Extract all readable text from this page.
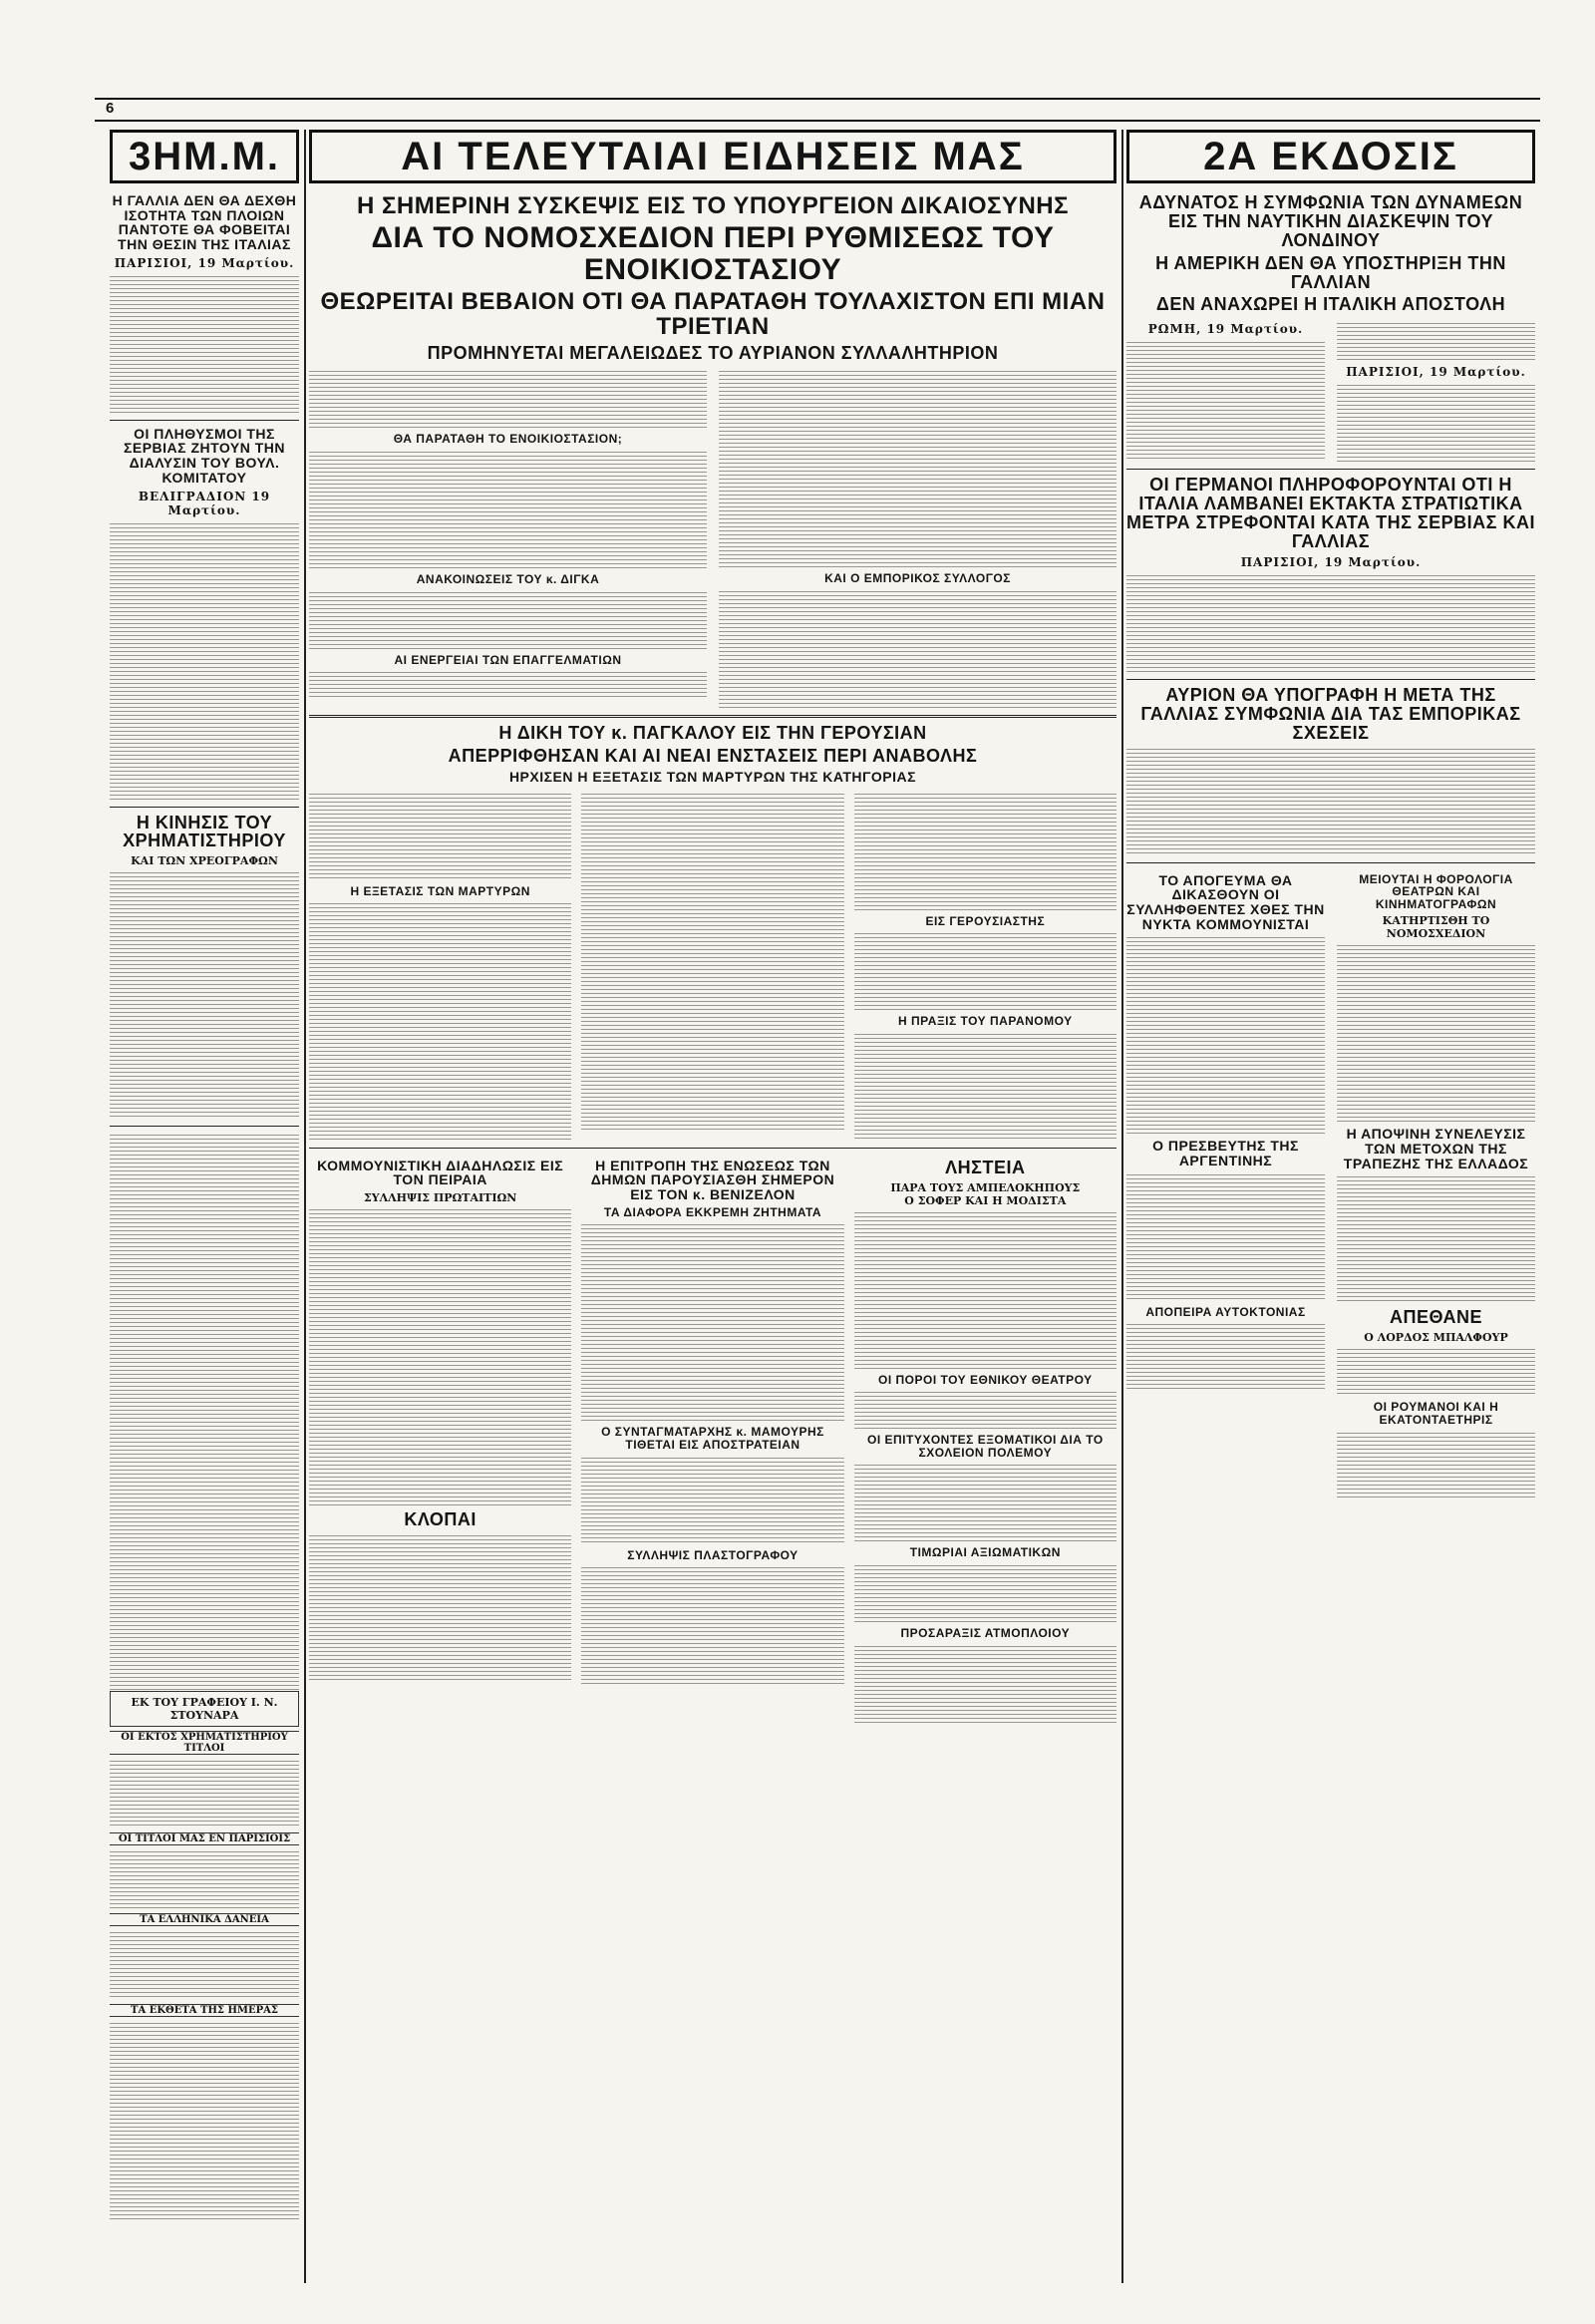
6
3ΗΜ.Μ.
Η ΓΑΛΛΙΑ ΔΕΝ ΘΑ ΔΕΧΘΗ ΙΣΟΤΗΤΑ ΤΩΝ ΠΛΟΙΩΝ ΠΑΝΤΟΤΕ ΘΑ ΦΟΒΕΙΤΑΙ ΤΗΝ ΘΕΣΙΝ ΤΗΣ ΙΤΑΛΙΑΣ
ΠΑΡΙΣΙΟΙ, 19 Μαρτίου.
ΟΙ ΠΛΗΘΥΣΜΟΙ ΤΗΣ ΣΕΡΒΙΑΣ ΖΗΤΟΥΝ ΤΗΝ ΔΙΑΛΥΣΙΝ ΤΟΥ ΒΟΥΛ. ΚΟΜΙΤΑΤΟΥ
ΒΕΛΙΓΡΑΔΙΟΝ 19 Μαρτίου.
Η ΚΙΝΗΣΙΣ ΤΟΥ ΧΡΗΜΑΤΙΣΤΗΡΙΟΥ
ΚΑΙ ΤΩΝ ΧΡΕΟΓΡΑΦΩΝ
ΕΚ ΤΟΥ ΓΡΑΦΕΙΟΥ Ι. Ν. ΣΤΟΥΝΑΡΑ
ΟΙ ΕΚΤΟΣ ΧΡΗΜΑΤΙΣΤΗΡΙΟΥ ΤΙΤΛΟΙ
ΟΙ ΤΙΤΛΟΙ ΜΑΣ ΕΝ ΠΑΡΙΣΙΟΙΣ
ΤΑ ΕΛΛΗΝΙΚΑ ΔΑΝΕΙΑ
ΤΑ ΕΚΘΕΤΑ ΤΗΣ ΗΜΕΡΑΣ
ΑΙ ΤΕΛΕΥΤΑΙΑΙ ΕΙΔΗΣΕΙΣ ΜΑΣ
Η ΣΗΜΕΡΙΝΗ ΣΥΣΚΕΨΙΣ ΕΙΣ ΤΟ ΥΠΟΥΡΓΕΙΟΝ ΔΙΚΑΙΟΣΥΝΗΣ
ΔΙΑ ΤΟ ΝΟΜΟΣΧΕΔΙΟΝ ΠΕΡΙ ΡΥΘΜΙΣΕΩΣ ΤΟΥ ΕΝΟΙΚΙΟΣΤΑΣΙΟΥ
ΘΕΩΡΕΙΤΑΙ ΒΕΒΑΙΟΝ ΟΤΙ ΘΑ ΠΑΡΑΤΑΘΗ ΤΟΥΛΑΧΙΣΤΟΝ ΕΠΙ ΜΙΑΝ ΤΡΙΕΤΙΑΝ
ΠΡΟΜΗΝΥΕΤΑΙ ΜΕΓΑΛΕΙΩΔΕΣ ΤΟ ΑΥΡΙΑΝΟΝ ΣΥΛΛΑΛΗΤΗΡΙΟΝ
ΘΑ ΠΑΡΑΤΑΘΗ ΤΟ ΕΝΟΙΚΙΟΣΤΑΣΙΟΝ;
ΑΝΑΚΟΙΝΩΣΕΙΣ ΤΟΥ κ. ΔΙΓΚΑ
ΑΙ ΕΝΕΡΓΕΙΑΙ ΤΩΝ ΕΠΑΓΓΕΛΜΑΤΙΩΝ
ΚΑΙ Ο ΕΜΠΟΡΙΚΟΣ ΣΥΛΛΟΓΟΣ
Η ΔΙΚΗ ΤΟΥ κ. ΠΑΓΚΑΛΟΥ ΕΙΣ ΤΗΝ ΓΕΡΟΥΣΙΑΝ
ΑΠΕΡΡΙΦΘΗΣΑΝ ΚΑΙ ΑΙ ΝΕΑΙ ΕΝΣΤΑΣΕΙΣ ΠΕΡΙ ΑΝΑΒΟΛΗΣ
ΗΡΧΙΣΕΝ Η ΕΞΕΤΑΣΙΣ ΤΩΝ ΜΑΡΤΥΡΩΝ ΤΗΣ ΚΑΤΗΓΟΡΙΑΣ
Η ΕΞΕΤΑΣΙΣ ΤΩΝ ΜΑΡΤΥΡΩΝ
ΕΙΣ ΓΕΡΟΥΣΙΑΣΤΗΣ
Η ΠΡΑΞΙΣ ΤΟΥ ΠΑΡΑΝΟΜΟΥ
ΚΟΜΜΟΥΝΙΣΤΙΚΗ ΔΙΑΔΗΛΩΣΙΣ ΕΙΣ ΤΟΝ ΠΕΙΡΑΙΑ
ΣΥΛΛΗΨΙΣ ΠΡΩΤΑΙΤΙΩΝ
ΚΛΟΠΑΙ
Η ΕΠΙΤΡΟΠΗ ΤΗΣ ΕΝΩΣΕΩΣ ΤΩΝ ΔΗΜΩΝ ΠΑΡΟΥΣΙΑΣΘΗ ΣΗΜΕΡΟΝ ΕΙΣ ΤΟΝ κ. ΒΕΝΙΖΕΛΟΝ
ΤΑ ΔΙΑΦΟΡΑ ΕΚΚΡΕΜΗ ΖΗΤΗΜΑΤΑ
Ο ΣΥΝΤΑΓΜΑΤΑΡΧΗΣ κ. ΜΑΜΟΥΡΗΣ ΤΙΘΕΤΑΙ ΕΙΣ ΑΠΟΣΤΡΑΤΕΙΑΝ
ΣΥΛΛΗΨΙΣ ΠΛΑΣΤΟΓΡΑΦΟΥ
ΛΗΣΤΕΙΑ
ΠΑΡΑ ΤΟΥΣ ΑΜΠΕΛΟΚΗΠΟΥΣ
Ο ΣΟΦΕΡ ΚΑΙ Η ΜΟΔΙΣΤΑ
ΟΙ ΠΟΡΟΙ ΤΟΥ ΕΘΝΙΚΟΥ ΘΕΑΤΡΟΥ
ΟΙ ΕΠΙΤΥΧΟΝΤΕΣ ΕΞΟΜΑΤΙΚΟΙ ΔΙΑ ΤΟ ΣΧΟΛΕΙΟΝ ΠΟΛΕΜΟΥ
ΤΙΜΩΡΙΑΙ ΑΞΙΩΜΑΤΙΚΩΝ
ΠΡΟΣΑΡΑΞΙΣ ΑΤΜΟΠΛΟΙΟΥ
2Α ΕΚΔΟΣΙΣ
ΑΔΥΝΑΤΟΣ Η ΣΥΜΦΩΝΙΑ ΤΩΝ ΔΥΝΑΜΕΩΝ ΕΙΣ ΤΗΝ ΝΑΥΤΙΚΗΝ ΔΙΑΣΚΕΨΙΝ ΤΟΥ ΛΟΝΔΙΝΟΥ
Η ΑΜΕΡΙΚΗ ΔΕΝ ΘΑ ΥΠΟΣΤΗΡΙΞΗ ΤΗΝ ΓΑΛΛΙΑΝ
ΔΕΝ ΑΝΑΧΩΡΕΙ Η ΙΤΑΛΙΚΗ ΑΠΟΣΤΟΛΗ
ΡΩΜΗ, 19 Μαρτίου.
ΠΑΡΙΣΙΟΙ, 19 Μαρτίου.
ΟΙ ΓΕΡΜΑΝΟΙ ΠΛΗΡΟΦΟΡΟΥΝΤΑΙ ΟΤΙ Η ΙΤΑΛΙΑ ΛΑΜΒΑΝΕΙ ΕΚΤΑΚΤΑ ΣΤΡΑΤΙΩΤΙΚΑ ΜΕΤΡΑ ΣΤΡΕΦΟΝΤΑΙ ΚΑΤΑ ΤΗΣ ΣΕΡΒΙΑΣ ΚΑΙ ΓΑΛΛΙΑΣ
ΠΑΡΙΣΙΟΙ, 19 Μαρτίου.
ΑΥΡΙΟΝ ΘΑ ΥΠΟΓΡΑΦΗ Η ΜΕΤΑ ΤΗΣ ΓΑΛΛΙΑΣ ΣΥΜΦΩΝΙΑ ΔΙΑ ΤΑΣ ΕΜΠΟΡΙΚΑΣ ΣΧΕΣΕΙΣ
ΤΟ ΑΠΟΓΕΥΜΑ ΘΑ ΔΙΚΑΣΘΟΥΝ ΟΙ ΣΥΛΛΗΦΘΕΝΤΕΣ ΧΘΕΣ ΤΗΝ ΝΥΚΤΑ ΚΟΜΜΟΥΝΙΣΤΑΙ
Ο ΠΡΕΣΒΕΥΤΗΣ ΤΗΣ ΑΡΓΕΝΤΙΝΗΣ
ΑΠΟΠΕΙΡΑ ΑΥΤΟΚΤΟΝΙΑΣ
ΜΕΙΟΥΤΑΙ Η ΦΟΡΟΛΟΓΙΑ ΘΕΑΤΡΩΝ ΚΑΙ ΚΙΝΗΜΑΤΟΓΡΑΦΩΝ
ΚΑΤΗΡΤΙΣΘΗ ΤΟ ΝΟΜΟΣΧΕΔΙΟΝ
Η ΑΠΟΨΙΝΗ ΣΥΝΕΛΕΥΣΙΣ ΤΩΝ ΜΕΤΟΧΩΝ ΤΗΣ ΤΡΑΠΕΖΗΣ ΤΗΣ ΕΛΛΑΔΟΣ
ΑΠΕΘΑΝΕ
Ο ΛΟΡΔΟΣ ΜΠΑΛΦΟΥΡ
ΟΙ ΡΟΥΜΑΝΟΙ ΚΑΙ Η ΕΚΑΤΟΝΤΑΕΤΗΡΙΣ
